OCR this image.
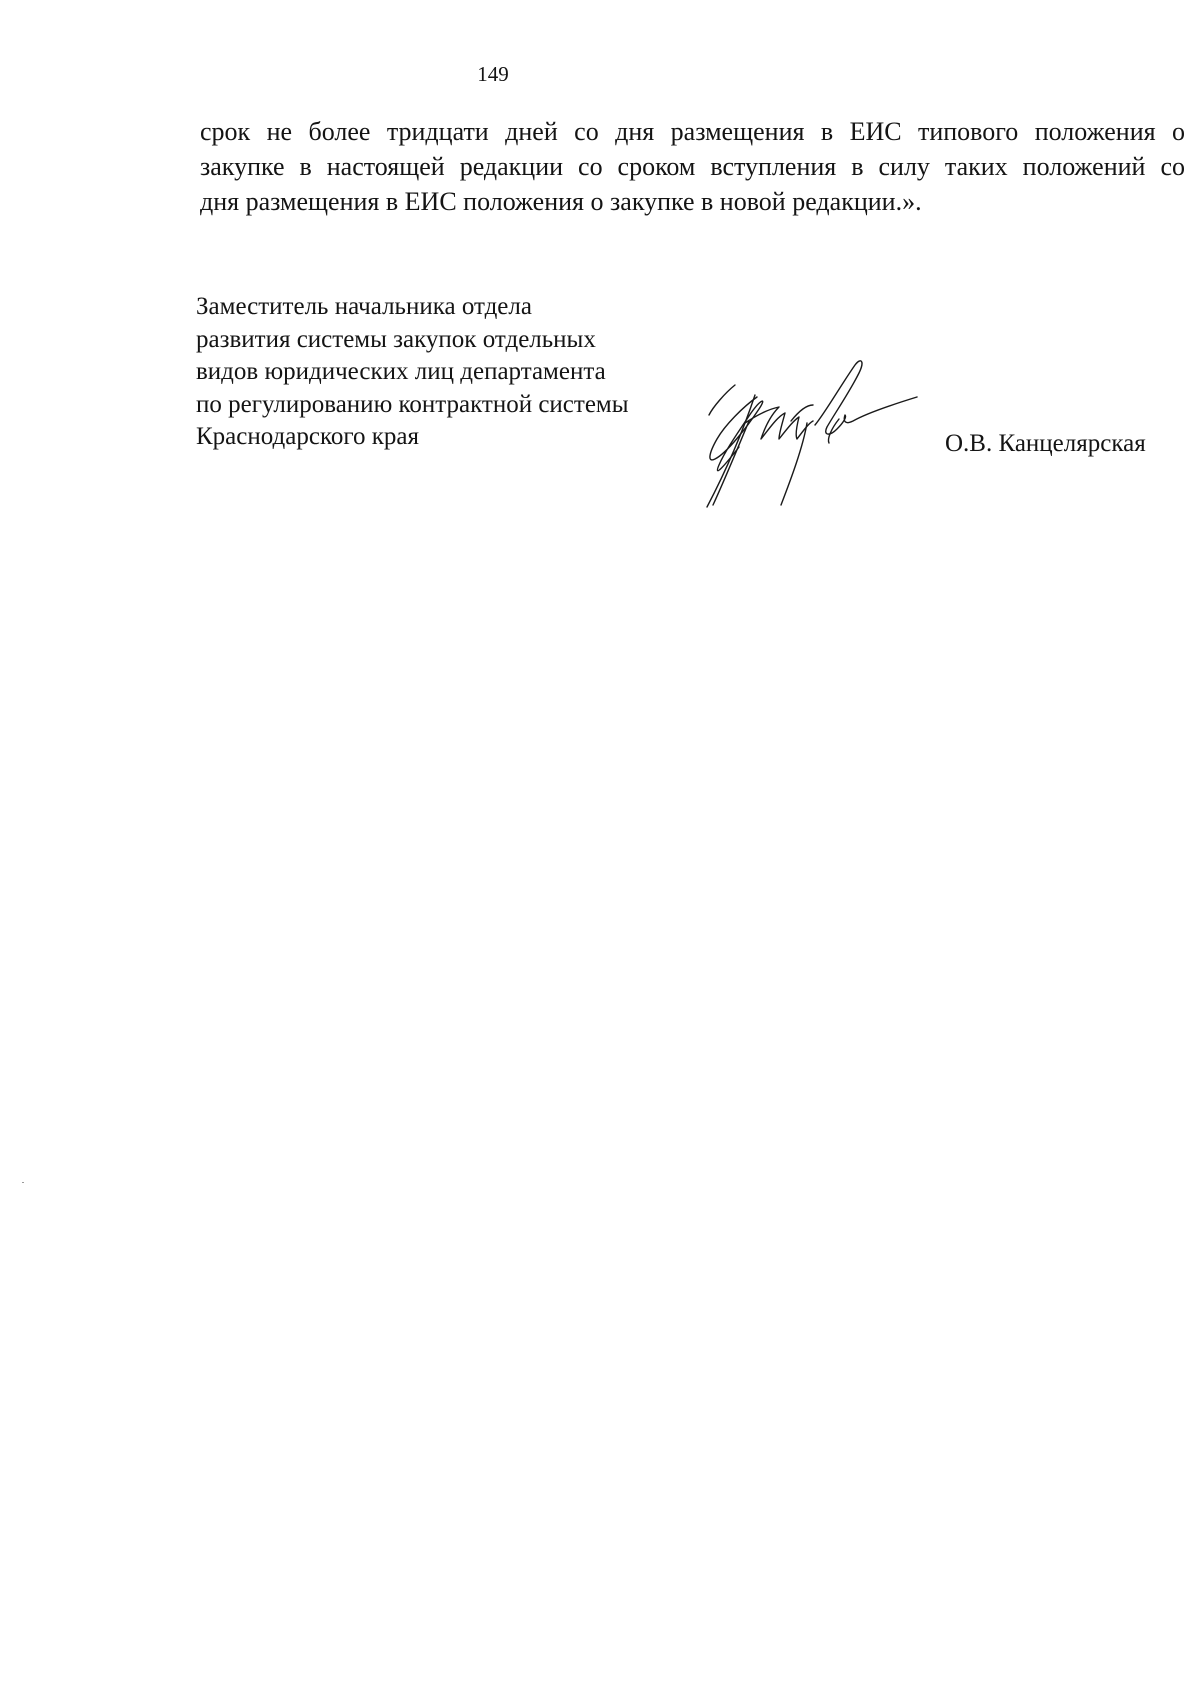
149

срок не более тридцати дней со дня размещения в ЕИС типового положения о
закупке в настоящей редакции со сроком вступления в силу таких положений со
дня размещения в ЕИС положения о закупке в новой редакции.».

Заместитель начальника отдела
развития системы закупок отдельных
видов юридических лиц департамента
по регулированию контрактной системы
Краснодарского края	О.В. Канцелярская
